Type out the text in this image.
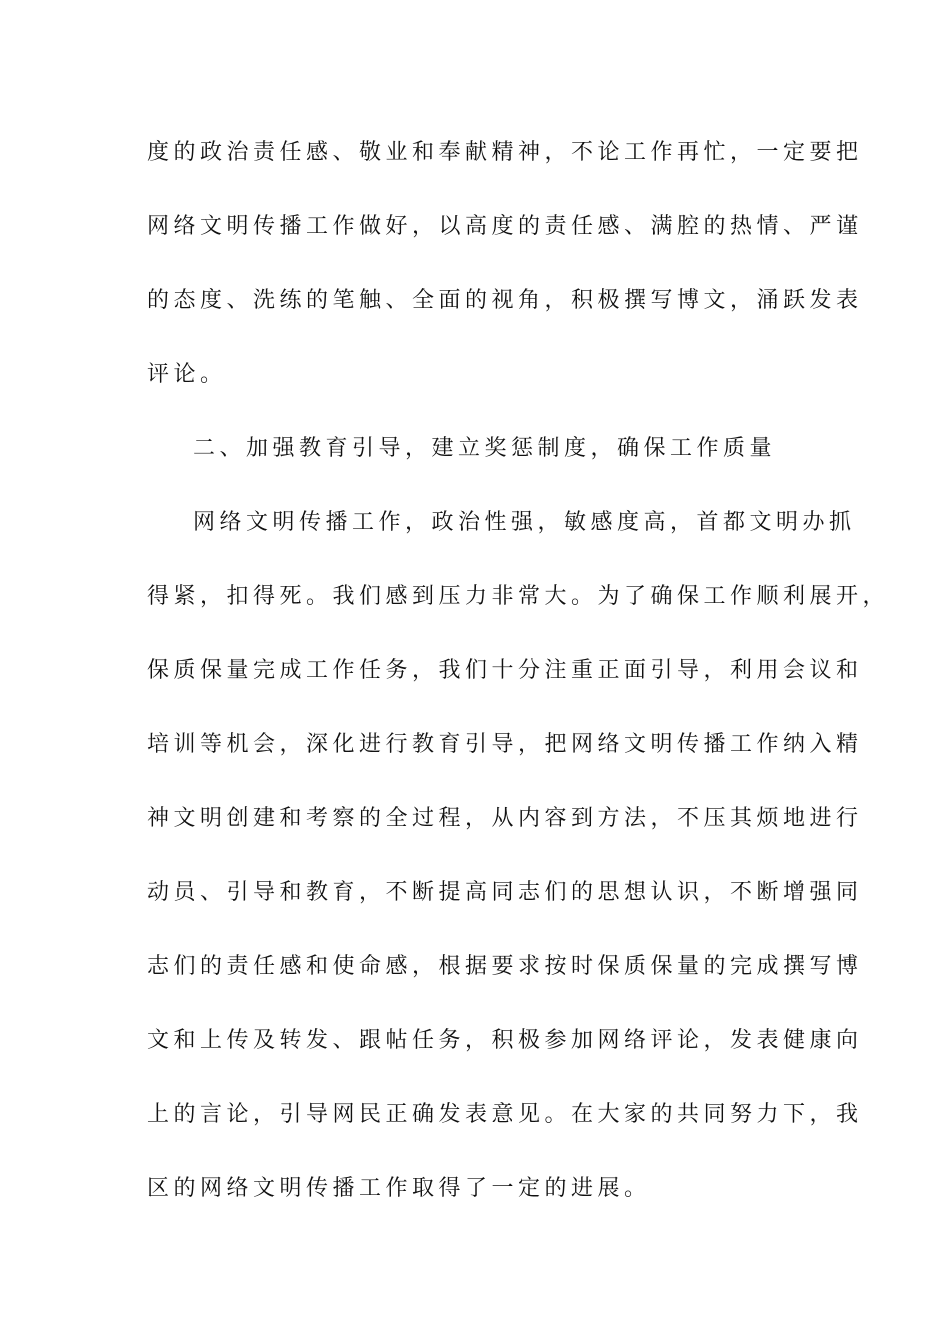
度的政治责任感、敬业和奉献精神，不论工作再忙，一定要把
网络文明传播工作做好，以高度的责任感、满腔的热情、严谨
的态度、洗练的笔触、全面的视角，积极撰写博文，涌跃发表
评论。
二、加强教育引导，建立奖惩制度，确保工作质量
网络文明传播工作，政治性强，敏感度高，首都文明办抓
得紧，扣得死。我们感到压力非常大。为了确保工作顺利展开，
保质保量完成工作任务，我们十分注重正面引导，利用会议和
培训等机会，深化进行教育引导，把网络文明传播工作纳入精
神文明创建和考察的全过程，从内容到方法，不压其烦地进行
动员、引导和教育，不断提高同志们的思想认识，不断增强同
志们的责任感和使命感，根据要求按时保质保量的完成撰写博
文和上传及转发、跟帖任务，积极参加网络评论，发表健康向
上的言论，引导网民正确发表意见。在大家的共同努力下，我
区的网络文明传播工作取得了一定的进展。
